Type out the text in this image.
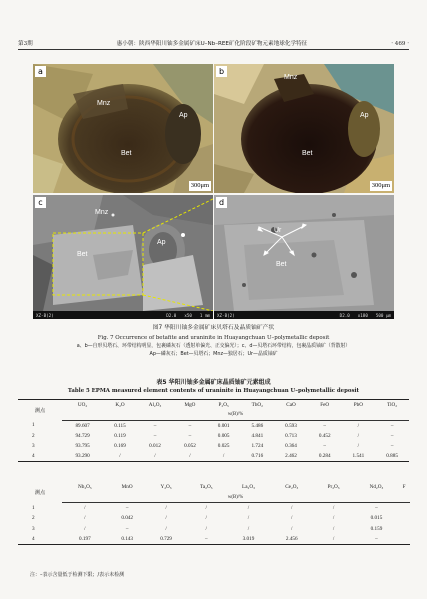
第3期	惠小朝：陕西华阳川铀多金属矿床U–Nb–REE矿化阶段矿物元素地球化学特征	· 469 ·
a
Mnz
Ap
Bet
300μm
b
Mnz
Ap
Bet
300μm
c
Mnz
Ap
Bet
XZ-B(2)	D2.0 x50 1 mm
d
Ur
Bet
XZ-B(2)	D2.0 x180 500 μm
图7 华阳川铀多金属矿床贝塔石及晶质铀矿产状
Fig. 7 Occurrence of betafite and uraninite in Huayangchuan U–polymetallic deposit
a、b—自形贝塔石、环带结构明显，包裹磷灰石（透射单偏光、正交偏光）；c、d—贝塔石环带结构，包裹晶质铀矿（背散射）
Ap—磷灰石；Bet—贝塔石；Mnz—独居石；Ur—晶质铀矿
表5 华阳川铀多金属矿床晶质铀矿元素组成
Table 5 EPMA measured element contents of uraninite in Huayangchuan U–polymetallic deposit
测点	UO₂	K₂O	Al₂O₃	MgO	P₂O₅	ThO₂	CaO	FeO	PbO	TiO₂
	w(B)/%									
1	89.607	0.115	–	–	0.001	5.486	0.593	–	/	–
2	94.729	0.119	–	–	0.005	4.841	0.713	0.452	/	–
3	93.795	0.169	0.012	0.052	0.025	1.724	0.364	–	/	–
4	93.290	/	/	/	/	0.716	2.462	0.284	1.541	0.885
测点	Nb₂O₅	MnO	Y₂O₃	Ta₂O₅	La₂O₃	Ce₂O₃	Pr₂O₃	Nd₂O₃	F	
	w(B)/%									
1	/	–	/	/	/	/	/	–		
2	/	0.042	/	/	/	/	/	0.015		
3	/	–	/	/	/	/	/	0.159		
4	0.197	0.143	0.729	–	3.019	2.456	/	–		
注：–表示含量低于检测下限；/表示未检测
